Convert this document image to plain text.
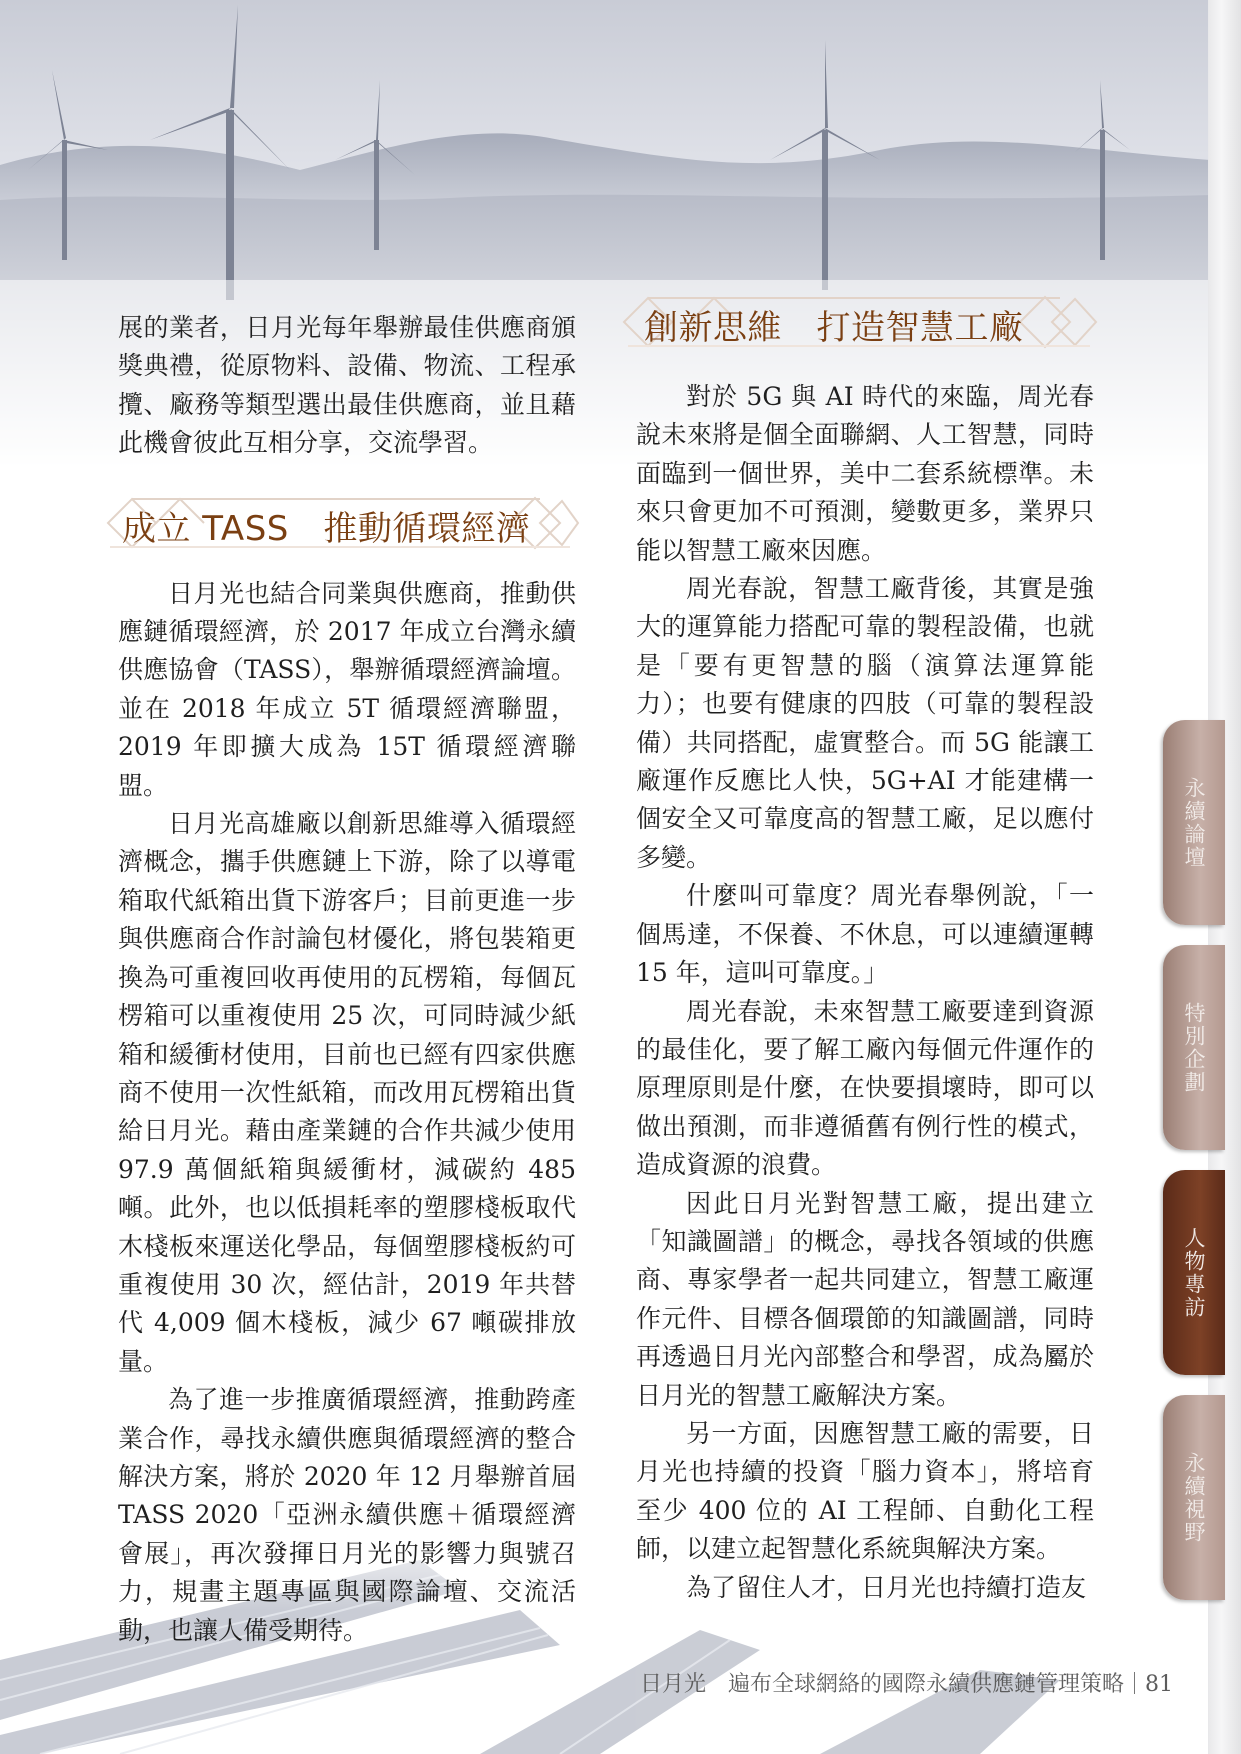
成立 TASS　推動循環經濟
創新思維　打造智慧工廠

展的業者，日月光每年舉辦最佳供應商頒獎典禮，從原物料、設備、物流、工程承攬、廠務等類型選出最佳供應商，並且藉此機會彼此互相分享，交流學習。

日月光也結合同業與供應商，推動供應鏈循環經濟，於 2017 年成立台灣永續供應協會（TASS），舉辦循環經濟論壇。並在 2018 年成立 5T 循環經濟聯盟，2019 年即擴大成為 15T 循環經濟聯盟。

日月光高雄廠以創新思維導入循環經濟概念，攜手供應鏈上下游，除了以導電箱取代紙箱出貨下游客戶；目前更進一步與供應商合作討論包材優化，將包裝箱更換為可重複回收再使用的瓦楞箱，每個瓦楞箱可以重複使用 25 次，可同時減少紙箱和緩衝材使用，目前也已經有四家供應商不使用一次性紙箱，而改用瓦楞箱出貨給日月光。藉由產業鏈的合作共減少使用 97.9 萬個紙箱與緩衝材，減碳約 485 噸。此外，也以低損耗率的塑膠棧板取代木棧板來運送化學品，每個塑膠棧板約可重複使用 30 次，經估計，2019 年共替代 4,009 個木棧板，減少 67 噸碳排放量。

為了進一步推廣循環經濟，推動跨產業合作，尋找永續供應與循環經濟的整合解決方案，將於 2020 年 12 月舉辦首屆 TASS 2020「亞洲永續供應＋循環經濟會展」，再次發揮日月光的影響力與號召力，規畫主題專區與國際論壇、交流活動，也讓人備受期待。

對於 5G 與 AI 時代的來臨，周光春說未來將是個全面聯網、人工智慧，同時面臨到一個世界，美中二套系統標準。未來只會更加不可預測，變數更多，業界只能以智慧工廠來因應。

周光春說，智慧工廠背後，其實是強大的運算能力搭配可靠的製程設備，也就是「要有更智慧的腦（演算法運算能力）；也要有健康的四肢（可靠的製程設備）共同搭配，虛實整合。而 5G 能讓工廠運作反應比人快，5G+AI 才能建構一個安全又可靠度高的智慧工廠，足以應付多變。

什麼叫可靠度？周光春舉例說，「一個馬達，不保養、不休息，可以連續運轉 15 年，這叫可靠度。」

周光春說，未來智慧工廠要達到資源的最佳化，要了解工廠內每個元件運作的原理原則是什麼，在快要損壞時，即可以做出預測，而非遵循舊有例行性的模式，造成資源的浪費。

因此日月光對智慧工廠，提出建立「知識圖譜」的概念，尋找各領域的供應商、專家學者一起共同建立，智慧工廠運作元件、目標各個環節的知識圖譜，同時再透過日月光內部整合和學習，成為屬於日月光的智慧工廠解決方案。

另一方面，因應智慧工廠的需要，日月光也持續的投資「腦力資本」，將培育至少 400 位的 AI 工程師、自動化工程師，以建立起智慧化系統與解決方案。

為了留住人才，日月光也持續打造友

永續論壇
特別企劃
人物專訪
永續視野
日月光　遍布全球網絡的國際永續供應鏈管理策略 81
